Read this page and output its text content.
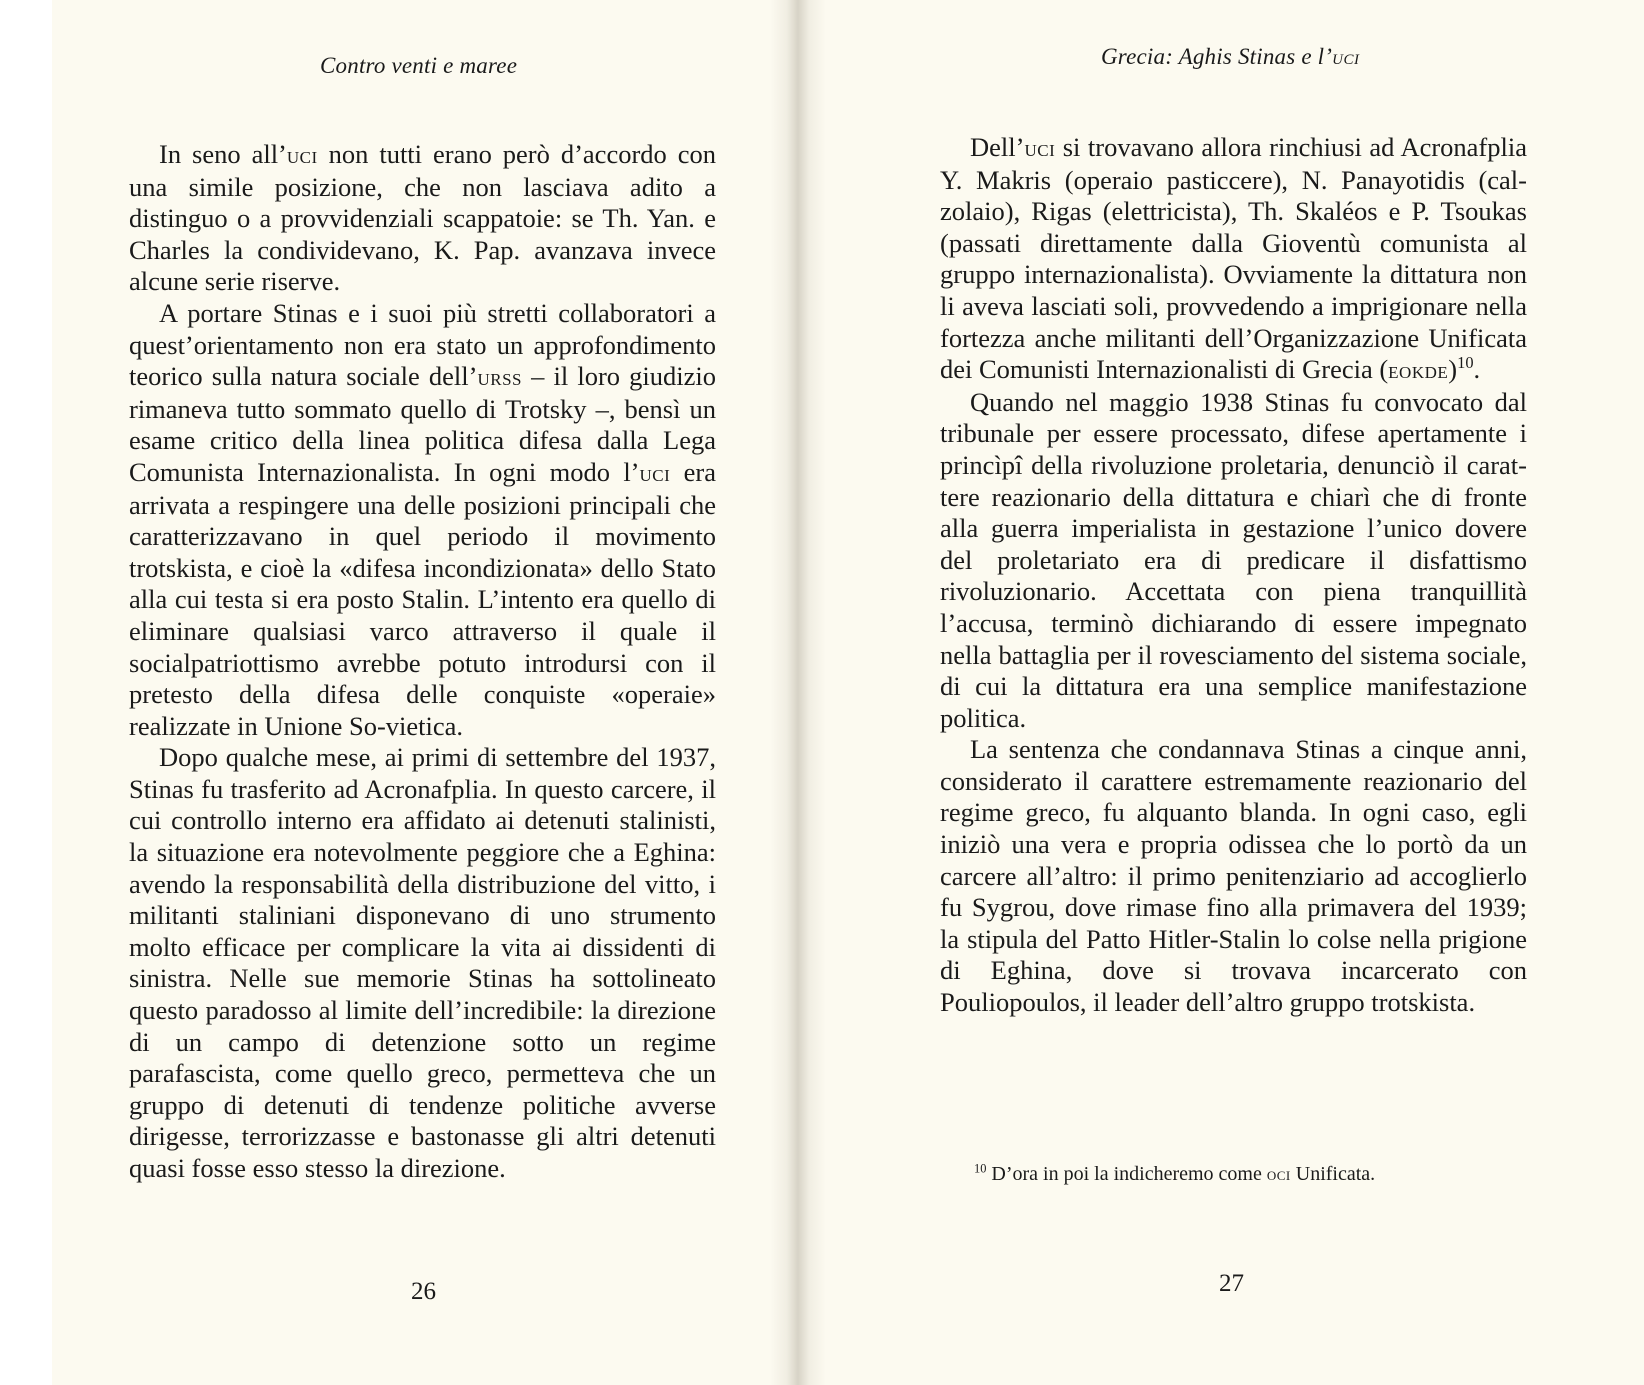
Contro venti e maree

In seno all’uci non tutti erano però d’accordo con una simile posizione, che non lasciava adito a distinguo o a provvidenziali scappatoie: se Th. Yan. e Charles la condividevano, K. Pap. avanzava invece alcune serie riserve.

A portare Stinas e i suoi più stretti collaboratori a quest’orientamento non era stato un approfondimento teorico sulla natura sociale dell’urss – il loro giudizio rimaneva tutto sommato quello di Trotsky –, bensì un esame critico della linea politica difesa dalla Lega Comunista Internazionalista. In ogni modo l’uci era arrivata a respingere una delle posizioni principali che caratterizzavano in quel periodo il movimento trotskista, e cioè la «difesa incondizionata» dello Stato alla cui testa si era posto Stalin. L’intento era quello di eliminare qualsiasi varco attraverso il quale il socialpatriottismo avrebbe potuto introdursi con il pretesto della difesa delle conquiste «operaie» realizzate in Unione So-vietica.

Dopo qualche mese, ai primi di settembre del 1937, Stinas fu trasferito ad Acronafplia. In questo carcere, il cui controllo interno era affidato ai detenuti stalinisti, la situazione era notevolmente peggiore che a Eghina: avendo la responsabilità della distribuzione del vitto, i militanti staliniani disponevano di uno strumento molto efficace per complicare la vita ai dissidenti di sinistra. Nelle sue memorie Stinas ha sottolineato questo paradosso al limite dell’incredibile: la direzione di un campo di detenzione sotto un regime parafascista, come quello greco, permetteva che un gruppo di detenuti di tendenze politiche avverse dirigesse, terrorizzasse e bastonasse gli altri detenuti quasi fosse esso stesso la direzione.

26
Grecia: Aghis Stinas e l’uci

Dell’uci si trovavano allora rinchiusi ad Acronafplia Y. Makris (operaio pasticcere), N. Panayotidis (cal-zolaio), Rigas (elettricista), Th. Skaléos e P. Tsoukas (passati direttamente dalla Gioventù comunista al gruppo internazionalista). Ovviamente la dittatura non li aveva lasciati soli, provvedendo a imprigionare nella fortezza anche militanti dell’Organizzazione Unificata dei Comunisti Internazionalisti di Grecia (eokde)$^{10}$.

Quando nel maggio 1938 Stinas fu convocato dal tribunale per essere processato, difese apertamente i princìpî della rivoluzione proletaria, denunciò il carat-tere reazionario della dittatura e chiarì che di fronte alla guerra imperialista in gestazione l’unico dovere del proletariato era di predicare il disfattismo rivoluzionario. Accettata con piena tranquillità l’accusa, terminò dichiarando di essere impegnato nella battaglia per il rovesciamento del sistema sociale, di cui la dittatura era una semplice manifestazione politica.

La sentenza che condannava Stinas a cinque anni, considerato il carattere estremamente reazionario del regime greco, fu alquanto blanda. In ogni caso, egli iniziò una vera e propria odissea che lo portò da un carcere all’altro: il primo penitenziario ad accoglierlo fu Sygrou, dove rimase fino alla primavera del 1939; la stipula del Patto Hitler-Stalin lo colse nella prigione di Eghina, dove si trovava incarcerato con Pouliopoulos, il leader dell’altro gruppo trotskista.

$^{10}$ D’ora in poi la indicheremo come oci Unificata.
27
